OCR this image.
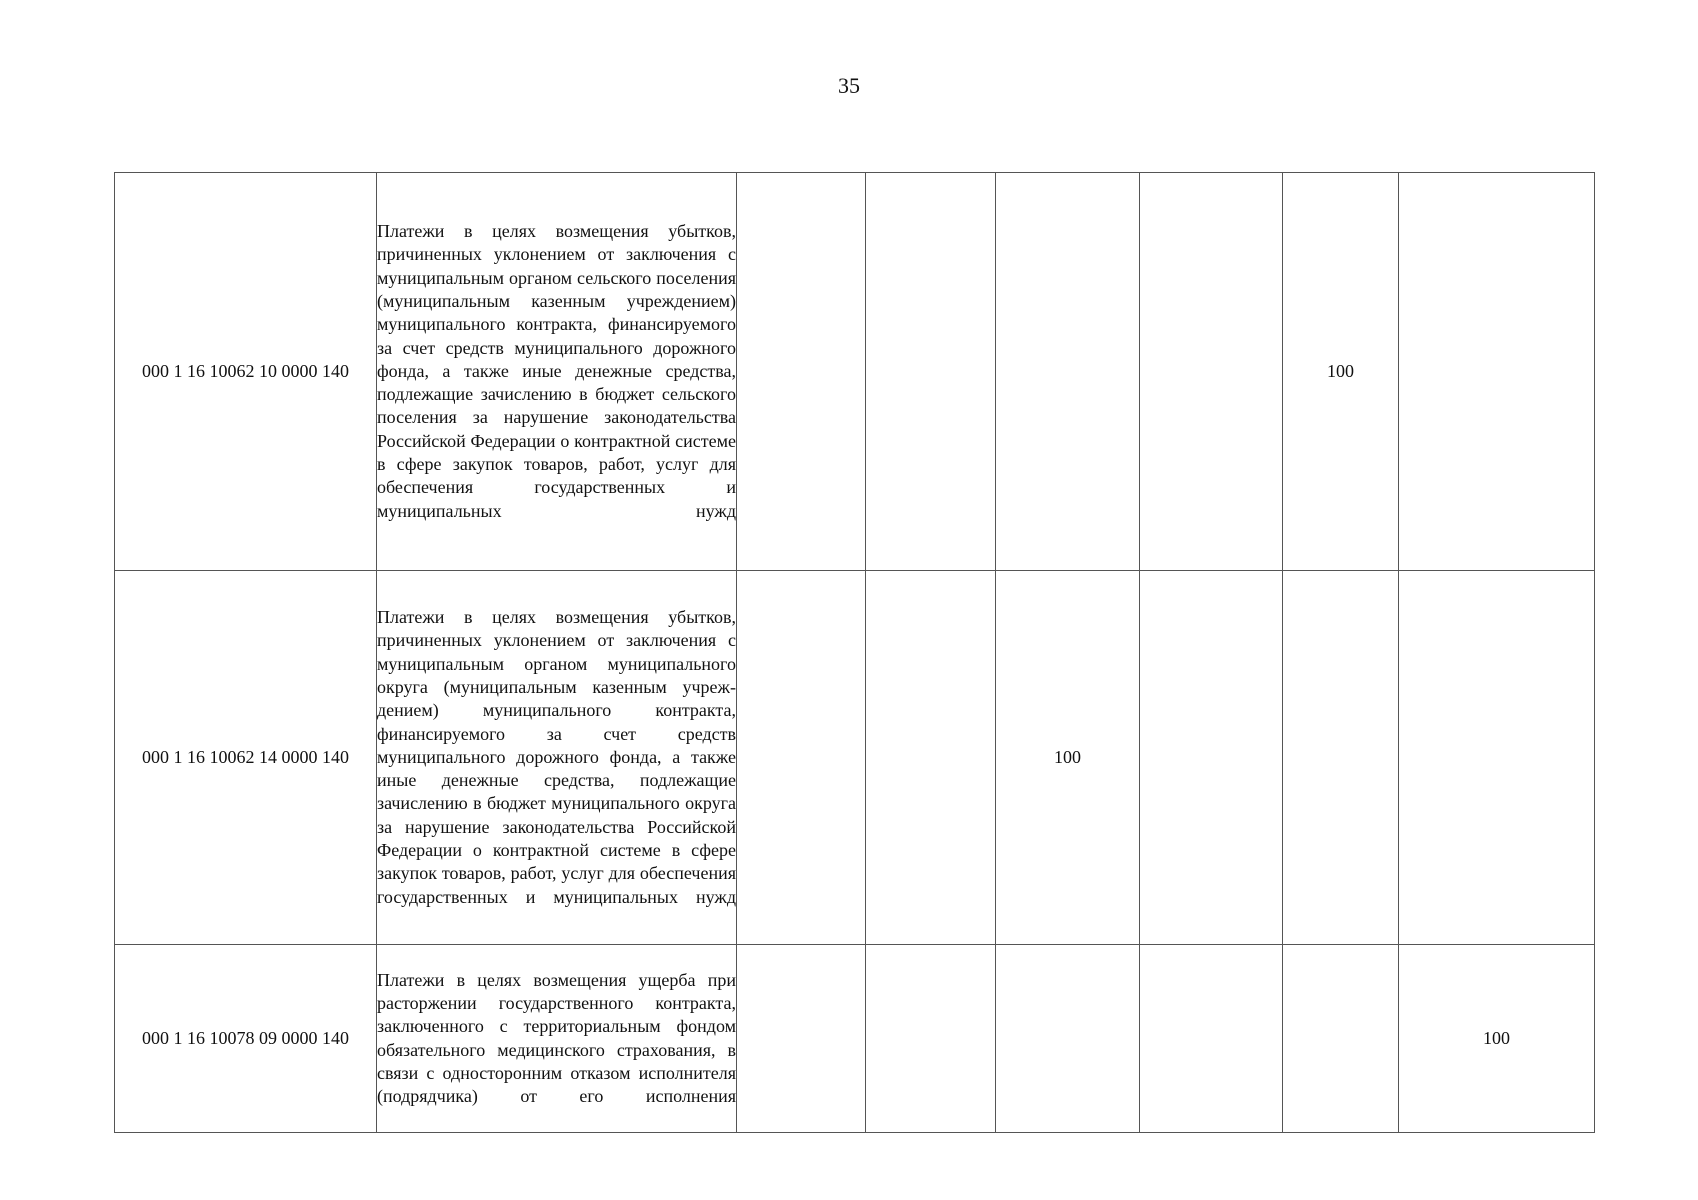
35
000 1 16 10062 10 0000 140	Платежи в целях возмещения убытков, причиненных уклонением от заключения с муниципальным органом сельского поселения (муниципальным казенным учреждением) муниципального контракта, финансируемого за счет средств муниципального дорожного фонда, а также иные денежные средства, подлежащие зачислению в бюджет сельского поселения за нарушение законодательства Российской Федерации о контрактной системе в сфере закупок товаров, работ, услуг для обеспечения государственных и муниципальных нужд					100	
000 1 16 10062 14 0000 140	Платежи в целях возмещения убытков, причиненных уклонением от заключения с муниципальным органом муниципального округа (муниципальным казенным учреждением) муниципального контракта, финансируемого за счет средств муниципального дорожного фонда, а также иные денежные средства, подлежащие зачислению в бюджет муниципального округа за нарушение законодательства Российской Федерации о контрактной системе в сфере закупок товаров, работ, услуг для обеспечения государственных и муниципальных нужд			100			
000 1 16 10078 09 0000 140	Платежи в целях возмещения ущерба при расторжении государственного контракта, заключенного с территориальным фондом обязательного медицинского страхования, в связи с односторонним отказом исполнителя (подрядчика) от его исполнения						100
